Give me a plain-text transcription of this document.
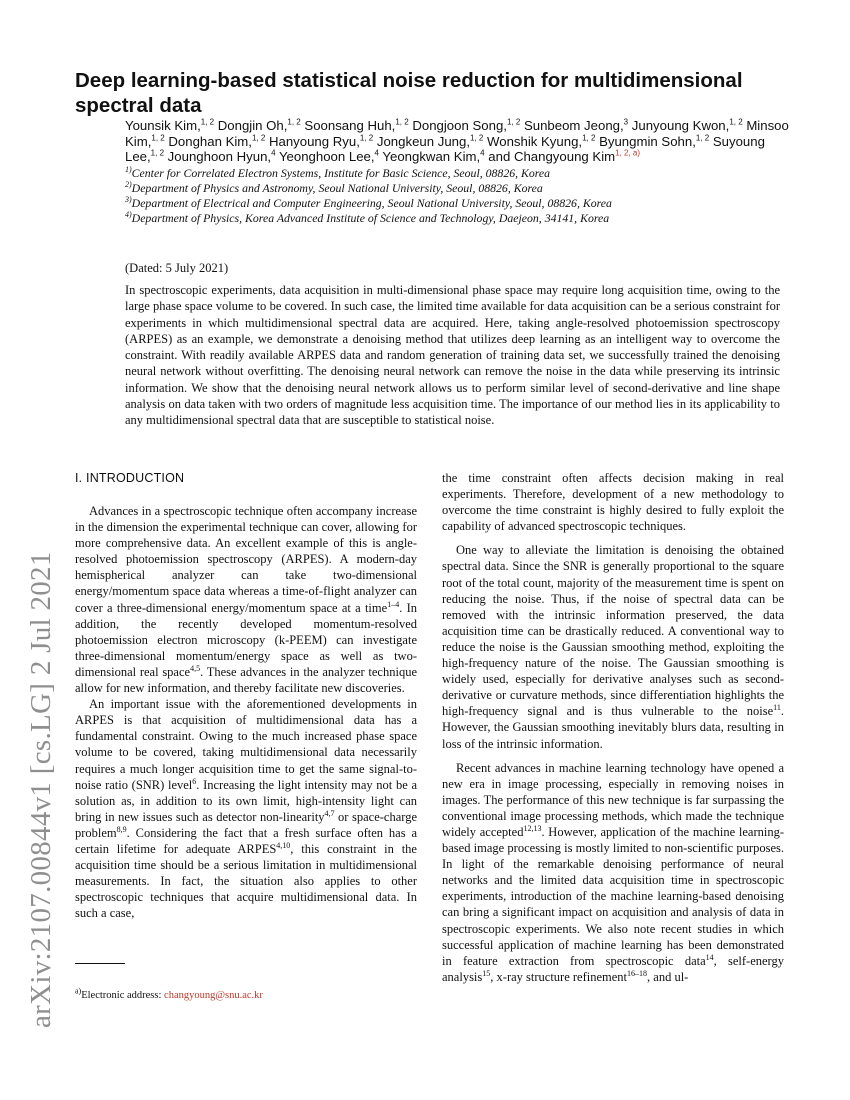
arXiv:2107.00844v1 [cs.LG] 2 Jul 2021
Deep learning-based statistical noise reduction for multidimensional spectral data
Younsik Kim,$^{1, 2}$ Dongjin Oh,$^{1, 2}$ Soonsang Huh,$^{1, 2}$ Dongjoon Song,$^{1, 2}$ Sunbeom Jeong,$^3$ Junyoung Kwon,$^{1, 2}$ Minsoo Kim,$^{1, 2}$ Donghan Kim,$^{1, 2}$ Hanyoung Ryu,$^{1, 2}$ Jongkeun Jung,$^{1, 2}$ Wonshik Kyung,$^{1, 2}$ Byungmin Sohn,$^{1, 2}$ Suyoung Lee,$^{1, 2}$ Jounghoon Hyun,$^4$ Yeonghoon Lee,$^4$ Yeongkwan Kim,$^4$ and Changyoung Kim$^{1, 2, a)}$
$^{1)}$Center for Correlated Electron Systems, Institute for Basic Science, Seoul, 08826, Korea
$^{2)}$Department of Physics and Astronomy, Seoul National University, Seoul, 08826, Korea
$^{3)}$Department of Electrical and Computer Engineering, Seoul National University, Seoul, 08826, Korea
$^{4)}$Department of Physics, Korea Advanced Institute of Science and Technology, Daejeon, 34141, Korea
(Dated: 5 July 2021)
In spectroscopic experiments, data acquisition in multi-dimensional phase space may require long acquisition time, owing to the large phase space volume to be covered. In such case, the limited time available for data acquisition can be a serious constraint for experiments in which multidimensional spectral data are acquired. Here, taking angle-resolved photoemission spectroscopy (ARPES) as an example, we demonstrate a denoising method that utilizes deep learning as an intelligent way to overcome the constraint. With readily available ARPES data and random generation of training data set, we successfully trained the denoising neural network without overfitting. The denoising neural network can remove the noise in the data while preserving its intrinsic information. We show that the denoising neural network allows us to perform similar level of second-derivative and line shape analysis on data taken with two orders of magnitude less acquisition time. The importance of our method lies in its applicability to any multidimensional spectral data that are susceptible to statistical noise.
I. INTRODUCTION

Advances in a spectroscopic technique often accompany increase in the dimension the experimental technique can cover, allowing for more comprehensive data. An excellent example of this is angle-resolved photoemission spectroscopy (ARPES). A modern-day hemispherical analyzer can take two-dimensional energy/momentum space data whereas a time-of-flight analyzer can cover a three-dimensional energy/momentum space at a time$^{1-4}$. In addition, the recently developed momentum-resolved photoemission electron microscopy (k-PEEM) can investigate three-dimensional momentum/energy space as well as two-dimensional real space$^{4,5}$. These advances in the analyzer technique allow for new information, and thereby facilitate new discoveries.

An important issue with the aforementioned developments in ARPES is that acquisition of multidimensional data has a fundamental constraint. Owing to the much increased phase space volume to be covered, taking multidimensional data necessarily requires a much longer acquisition time to get the same signal-to-noise ratio (SNR) level$^6$. Increasing the light intensity may not be a solution as, in addition to its own limit, high-intensity light can bring in new issues such as detector non-linearity$^{4,7}$ or space-charge problem$^{8,9}$. Considering the fact that a fresh surface often has a certain lifetime for adequate ARPES$^{4,10}$, this constraint in the acquisition time should be a serious limitation in multidimensional measurements. In fact, the situation also applies to other spectroscopic techniques that acquire multidimensional data. In such a case,

the time constraint often affects decision making in real experiments. Therefore, development of a new methodology to overcome the time constraint is highly desired to fully exploit the capability of advanced spectroscopic techniques.

One way to alleviate the limitation is denoising the obtained spectral data. Since the SNR is generally proportional to the square root of the total count, majority of the measurement time is spent on reducing the noise. Thus, if the noise of spectral data can be removed with the intrinsic information preserved, the data acquisition time can be drastically reduced. A conventional way to reduce the noise is the Gaussian smoothing method, exploiting the high-frequency nature of the noise. The Gaussian smoothing is widely used, especially for derivative analyses such as second-derivative or curvature methods, since differentiation highlights the high-frequency signal and is thus vulnerable to the noise$^{11}$. However, the Gaussian smoothing inevitably blurs data, resulting in loss of the intrinsic information.

Recent advances in machine learning technology have opened a new era in image processing, especially in removing noises in images. The performance of this new technique is far surpassing the conventional image processing methods, which made the technique widely accepted$^{12,13}$. However, application of the machine learning-based image processing is mostly limited to non-scientific purposes. In light of the remarkable denoising performance of neural networks and the limited data acquisition time in spectroscopic experiments, introduction of the machine learning-based denoising can bring a significant impact on acquisition and analysis of data in spectroscopic experiments. We also note recent studies in which successful application of machine learning has been demonstrated in feature extraction from spectroscopic data$^{14}$, self-energy analysis$^{15}$, x-ray structure refinement$^{16-18}$, and ul-

$^{a)}$Electronic address: changyoung@snu.ac.kr
